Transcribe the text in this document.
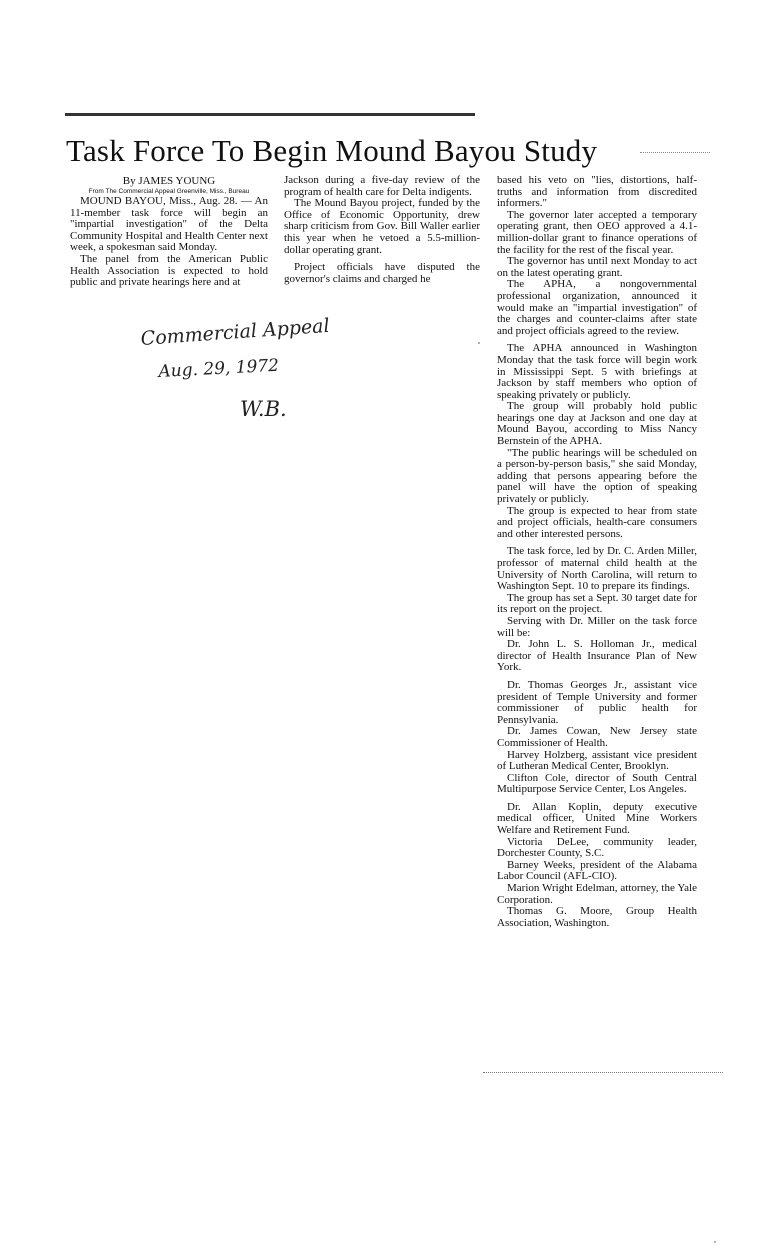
Task Force To Begin Mound Bayou Study
By JAMES YOUNG
From The Commercial Appeal Greenville, Miss., Bureau

MOUND BAYOU, Miss., Aug. 28. — An 11-member task force will begin an "impartial investigation" of the Delta Community Hospital and Health Center next week, a spokesman said Monday.

The panel from the American Public Health Association is expected to hold public and private hearings here and at

Jackson during a five-day review of the program of health care for Delta indigents.

The Mound Bayou project, funded by the Office of Economic Opportunity, drew sharp criticism from Gov. Bill Waller earlier this year when he vetoed a 5.5-million-dollar operating grant.

Project officials have disputed the governor's claims and charged he

based his veto on "lies, distortions, half-truths and information from discredited informers."

The governor later accepted a temporary operating grant, then OEO approved a 4.1-million-dollar grant to finance operations of the facility for the rest of the fiscal year.

The governor has until next Monday to act on the latest operating grant.

The APHA, a nongovernmental professional organization, announced it would make an "impartial investigation" of the charges and counter-claims after state and project officials agreed to the review.

The APHA announced in Washington Monday that the task force will begin work in Mississippi Sept. 5 with briefings at Jackson by staff members who option of speaking privately or publicly.

The group will probably hold public hearings one day at Jackson and one day at Mound Bayou, according to Miss Nancy Bernstein of the APHA.

"The public hearings will be scheduled on a person-by-person basis," she said Monday, adding that persons appearing before the panel will have the option of speaking privately or publicly.

The group is expected to hear from state and project officials, health-care consumers and other interested persons.

The task force, led by Dr. C. Arden Miller, professor of maternal child health at the University of North Carolina, will return to Washington Sept. 10 to prepare its findings.

The group has set a Sept. 30 target date for its report on the project.

Serving with Dr. Miller on the task force will be:

Dr. John L. S. Holloman Jr., medical director of Health Insurance Plan of New York.

Dr. Thomas Georges Jr., assistant vice president of Temple University and former commissioner of public health for Pennsylvania.

Dr. James Cowan, New Jersey state Commissioner of Health.

Harvey Holzberg, assistant vice president of Lutheran Medical Center, Brooklyn.

Clifton Cole, director of South Central Multipurpose Service Center, Los Angeles.

Dr. Allan Koplin, deputy executive medical officer, United Mine Workers Welfare and Retirement Fund.

Victoria DeLee, community leader, Dorchester County, S.C.

Barney Weeks, president of the Alabama Labor Council (AFL-CIO).

Marion Wright Edelman, attorney, the Yale Corporation.

Thomas G. Moore, Group Health Association, Washington.

Commercial Appeal
Aug. 29, 1972
W.B.
